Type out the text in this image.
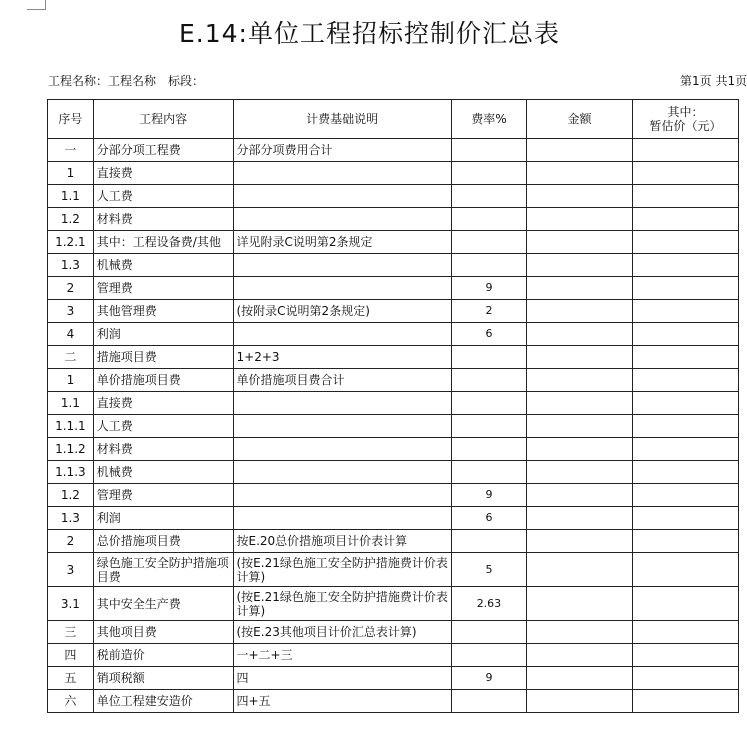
E.14:单位工程招标控制价汇总表
工程名称：工程名称　标段：	第1页 共1页
序号	工程内容	计费基础说明	费率%	金额	其中：
暂估价（元）

一	分部分项工程费	分部分项费用合计			
1	直接费				
1.1	人工费				
1.2	材料费				
1.2.1	其中：工程设备费/其他	详见附录C说明第2条规定			
1.3	机械费				
2	管理费		9		
3	其他管理费	(按附录C说明第2条规定)	2		
4	利润		6		
二	措施项目费	1+2+3			
1	单价措施项目费	单价措施项目费合计			
1.1	直接费				
1.1.1	人工费				
1.1.2	材料费				
1.1.3	机械费				
1.2	管理费		9		
1.3	利润		6		
2	总价措施项目费	按E.20总价措施项目计价表计算			
3	绿色施工安全防护措施项目费	(按E.21绿色施工安全防护措施费计价表计算)	5		
3.1	其中安全生产费	(按E.21绿色施工安全防护措施费计价表计算)	2.63		
三	其他项目费	(按E.23其他项目计价汇总表计算)			
四	税前造价	一+二+三			
五	销项税额	四	9		
六	单位工程建安造价	四+五			
